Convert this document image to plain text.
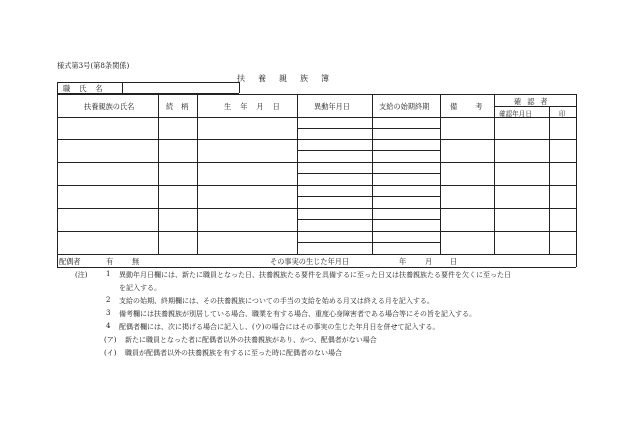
様式第3号(第8条関係)
扶養親族簿
職氏名
扶養親族の氏名	続柄	生年月日	異動年月日	支給の始期終期	備考
確認者
確認年月日	印
配偶者	有	無	その事実の生じた年月日	年	月 日
(注)	1 異動年月日欄には、新たに職員となった日、扶養親族たる要件を具備するに至った日又は扶養親族たる要件を欠くに至った日
を記入する。
2 支給の始期、終期欄には、その扶養親族についての手当の支給を始める月又は終える月を記入する。
3 備考欄には扶養親族が別居している場合、職業を有する場合、重度心身障害者である場合等にその旨を記入する。
4 配偶者欄には、次に掲げる場合に記入し、(ウ)の場合にはその事実の生じた年月日を併せて記入する。
(ア) 新たに職員となった者に配偶者以外の扶養親族があり、かつ、配偶者がない場合
(イ) 職員が配偶者以外の扶養親族を有するに至った時に配偶者のない場合
